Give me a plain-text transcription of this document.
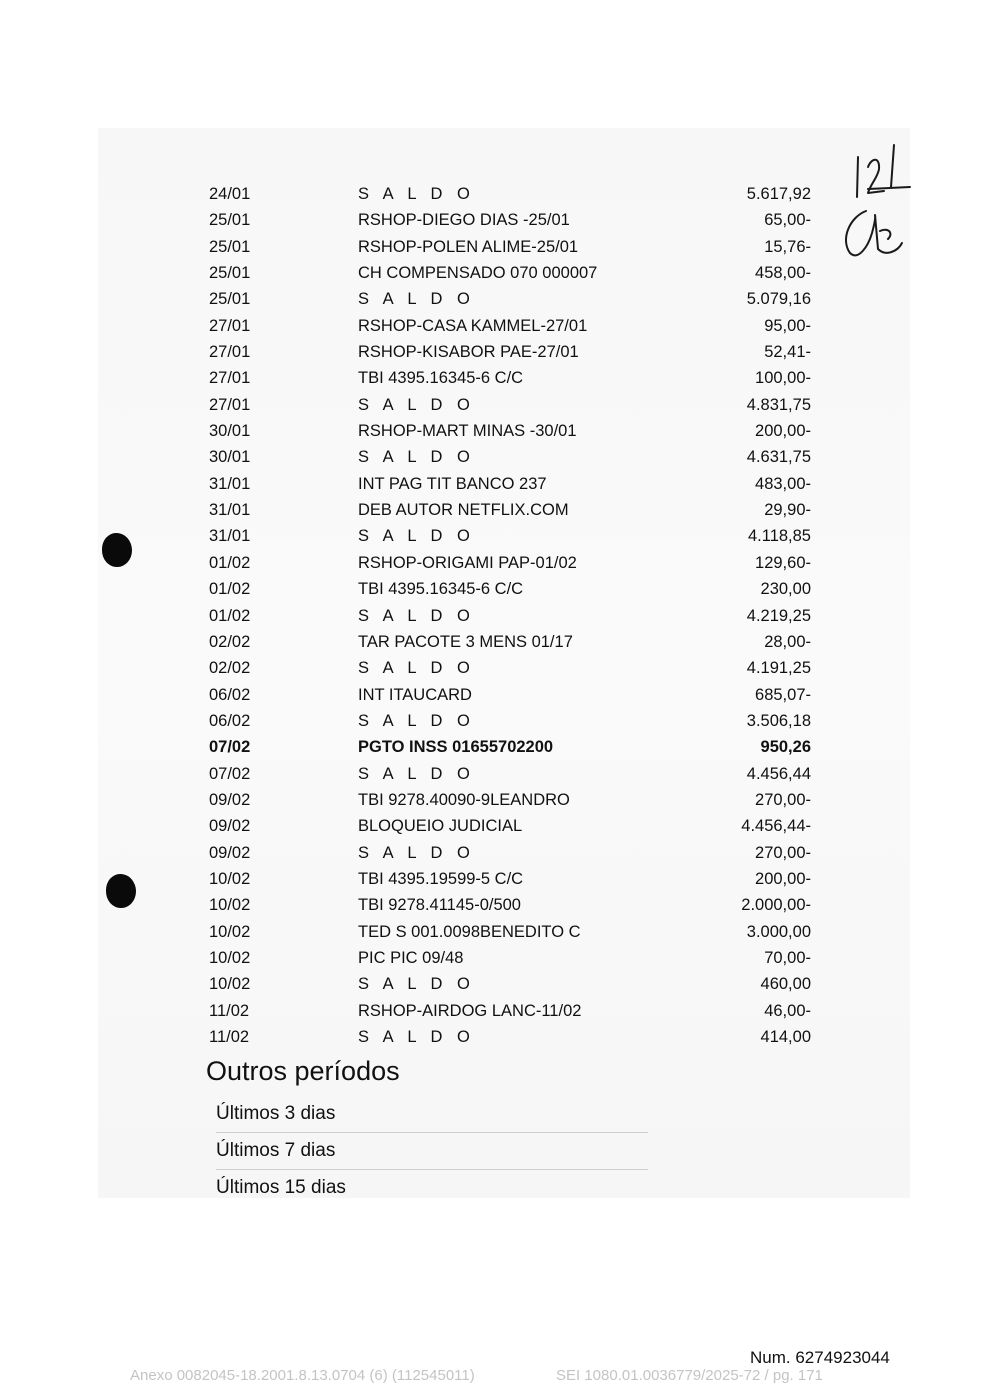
24/01	S A L D O	5.617,92
25/01	RSHOP-DIEGO DIAS -25/01	65,00-
25/01	RSHOP-POLEN ALIME-25/01	15,76-
25/01	CH COMPENSADO 070 000007	458,00-
25/01	S A L D O	5.079,16
27/01	RSHOP-CASA KAMMEL-27/01	95,00-
27/01	RSHOP-KISABOR PAE-27/01	52,41-
27/01	TBI 4395.16345-6 C/C	100,00-
27/01	S A L D O	4.831,75
30/01	RSHOP-MART MINAS -30/01	200,00-
30/01	S A L D O	4.631,75
31/01	INT PAG TIT BANCO 237	483,00-
31/01	DEB AUTOR NETFLIX.COM	29,90-
31/01	S A L D O	4.118,85
01/02	RSHOP-ORIGAMI PAP-01/02	129,60-
01/02	TBI 4395.16345-6 C/C	230,00
01/02	S A L D O	4.219,25
02/02	TAR PACOTE 3 MENS 01/17	28,00-
02/02	S A L D O	4.191,25
06/02	INT ITAUCARD	685,07-
06/02	S A L D O	3.506,18
07/02	PGTO INSS 01655702200	950,26
07/02	S A L D O	4.456,44
09/02	TBI 9278.40090-9LEANDRO	270,00-
09/02	BLOQUEIO JUDICIAL	4.456,44-
09/02	S A L D O	270,00-
10/02	TBI 4395.19599-5 C/C	200,00-
10/02	TBI 9278.41145-0/500	2.000,00-
10/02	TED S 001.0098BENEDITO C	3.000,00
10/02	PIC PIC 09/48	70,00-
10/02	S A L D O	460,00
11/02	RSHOP-AIRDOG LANC-11/02	46,00-
11/02	S A L D O	414,00
Outros períodos
Últimos 3 dias
Últimos 7 dias
Últimos 15 dias
Num. 6274923044
Anexo 0082045-18.2001.8.13.0704 (6) (112545011)	SEI 1080.01.0036779/2025-72 / pg. 171
